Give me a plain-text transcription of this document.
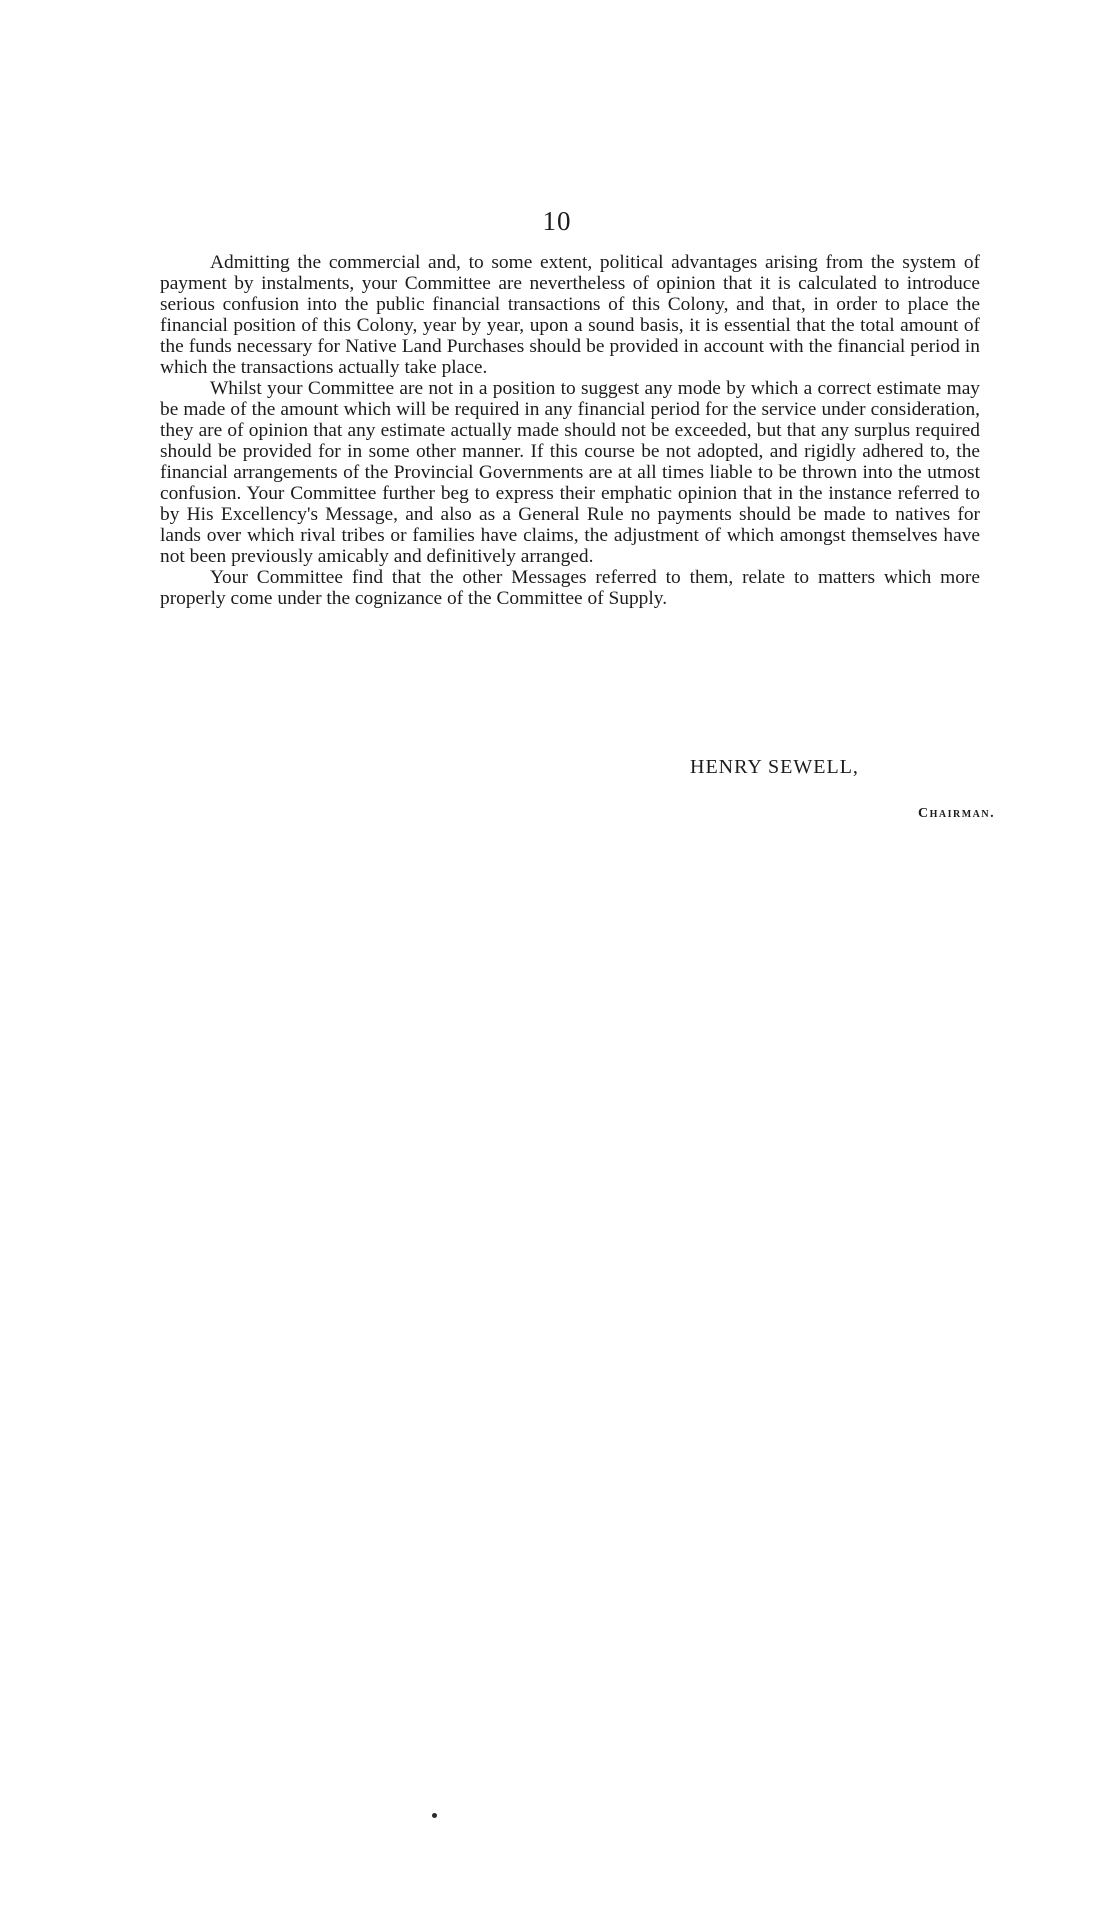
10

Admitting the commercial and, to some extent, political advantages arising from the system of payment by instalments, your Committee are nevertheless of opinion that it is calculated to introduce serious confusion into the public financial transactions of this Colony, and that, in order to place the financial position of this Colony, year by year, upon a sound basis, it is essential that the total amount of the funds necessary for Native Land Purchases should be provided in account with the financial period in which the transactions actually take place.

Whilst your Committee are not in a position to suggest any mode by which a correct estimate may be made of the amount which will be required in any financial period for the service under consideration, they are of opinion that any estimate actually made should not be exceeded, but that any surplus required should be provided for in some other manner. If this course be not adopted, and rigidly adhered to, the financial arrangements of the Provincial Governments are at all times liable to be thrown into the utmost confusion. Your Committee further beg to express their emphatic opinion that in the instance referred to by His Excellency's Message, and also as a General Rule no payments should be made to natives for lands over which rival tribes or families have claims, the adjustment of which amongst themselves have not been previously amicably and definitively arranged.

Your Committee find that the other Messages referred to them, relate to matters which more properly come under the cognizance of the Committee of Supply.

HENRY SEWELL,
Chairman.
